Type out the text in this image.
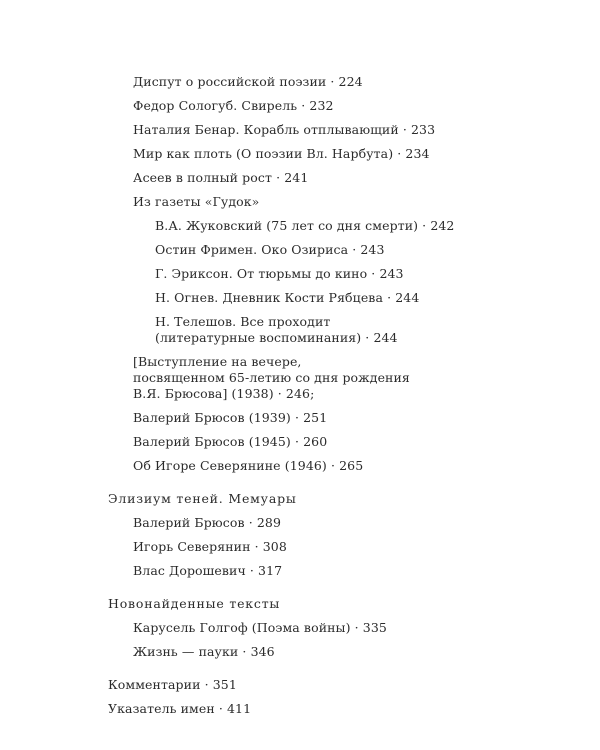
Диспут о российской поэзии · 224
Федор Сологуб. Свирель · 232
Наталия Бенар. Корабль отплывающий · 233
Мир как плоть (О поэзии Вл. Нарбута) · 234
Асеев в полный рост · 241
Из газеты «Гудок»
В.А. Жуковский (75 лет со дня смерти) · 242
Остин Фримен. Око Озириса · 243
Г. Эриксон. От тюрьмы до кино · 243
Н. Огнев. Дневник Кости Рябцева · 244
Н. Телешов. Все проходит
(литературные воспоминания) · 244
[Выступление на вечере,
посвященном 65-летию со дня рождения
В.Я. Брюсова] (1938) · 246;
Валерий Брюсов (1939) · 251
Валерий Брюсов (1945) · 260
Об Игоре Северянине (1946) · 265
Элизиум теней. Мемуары
Валерий Брюсов · 289
Игорь Северянин · 308
Влас Дорошевич · 317
Новонайденные тексты
Карусель Голгоф (Поэма войны) · 335
Жизнь — пауки · 346
Комментарии · 351
Указатель имен · 411
